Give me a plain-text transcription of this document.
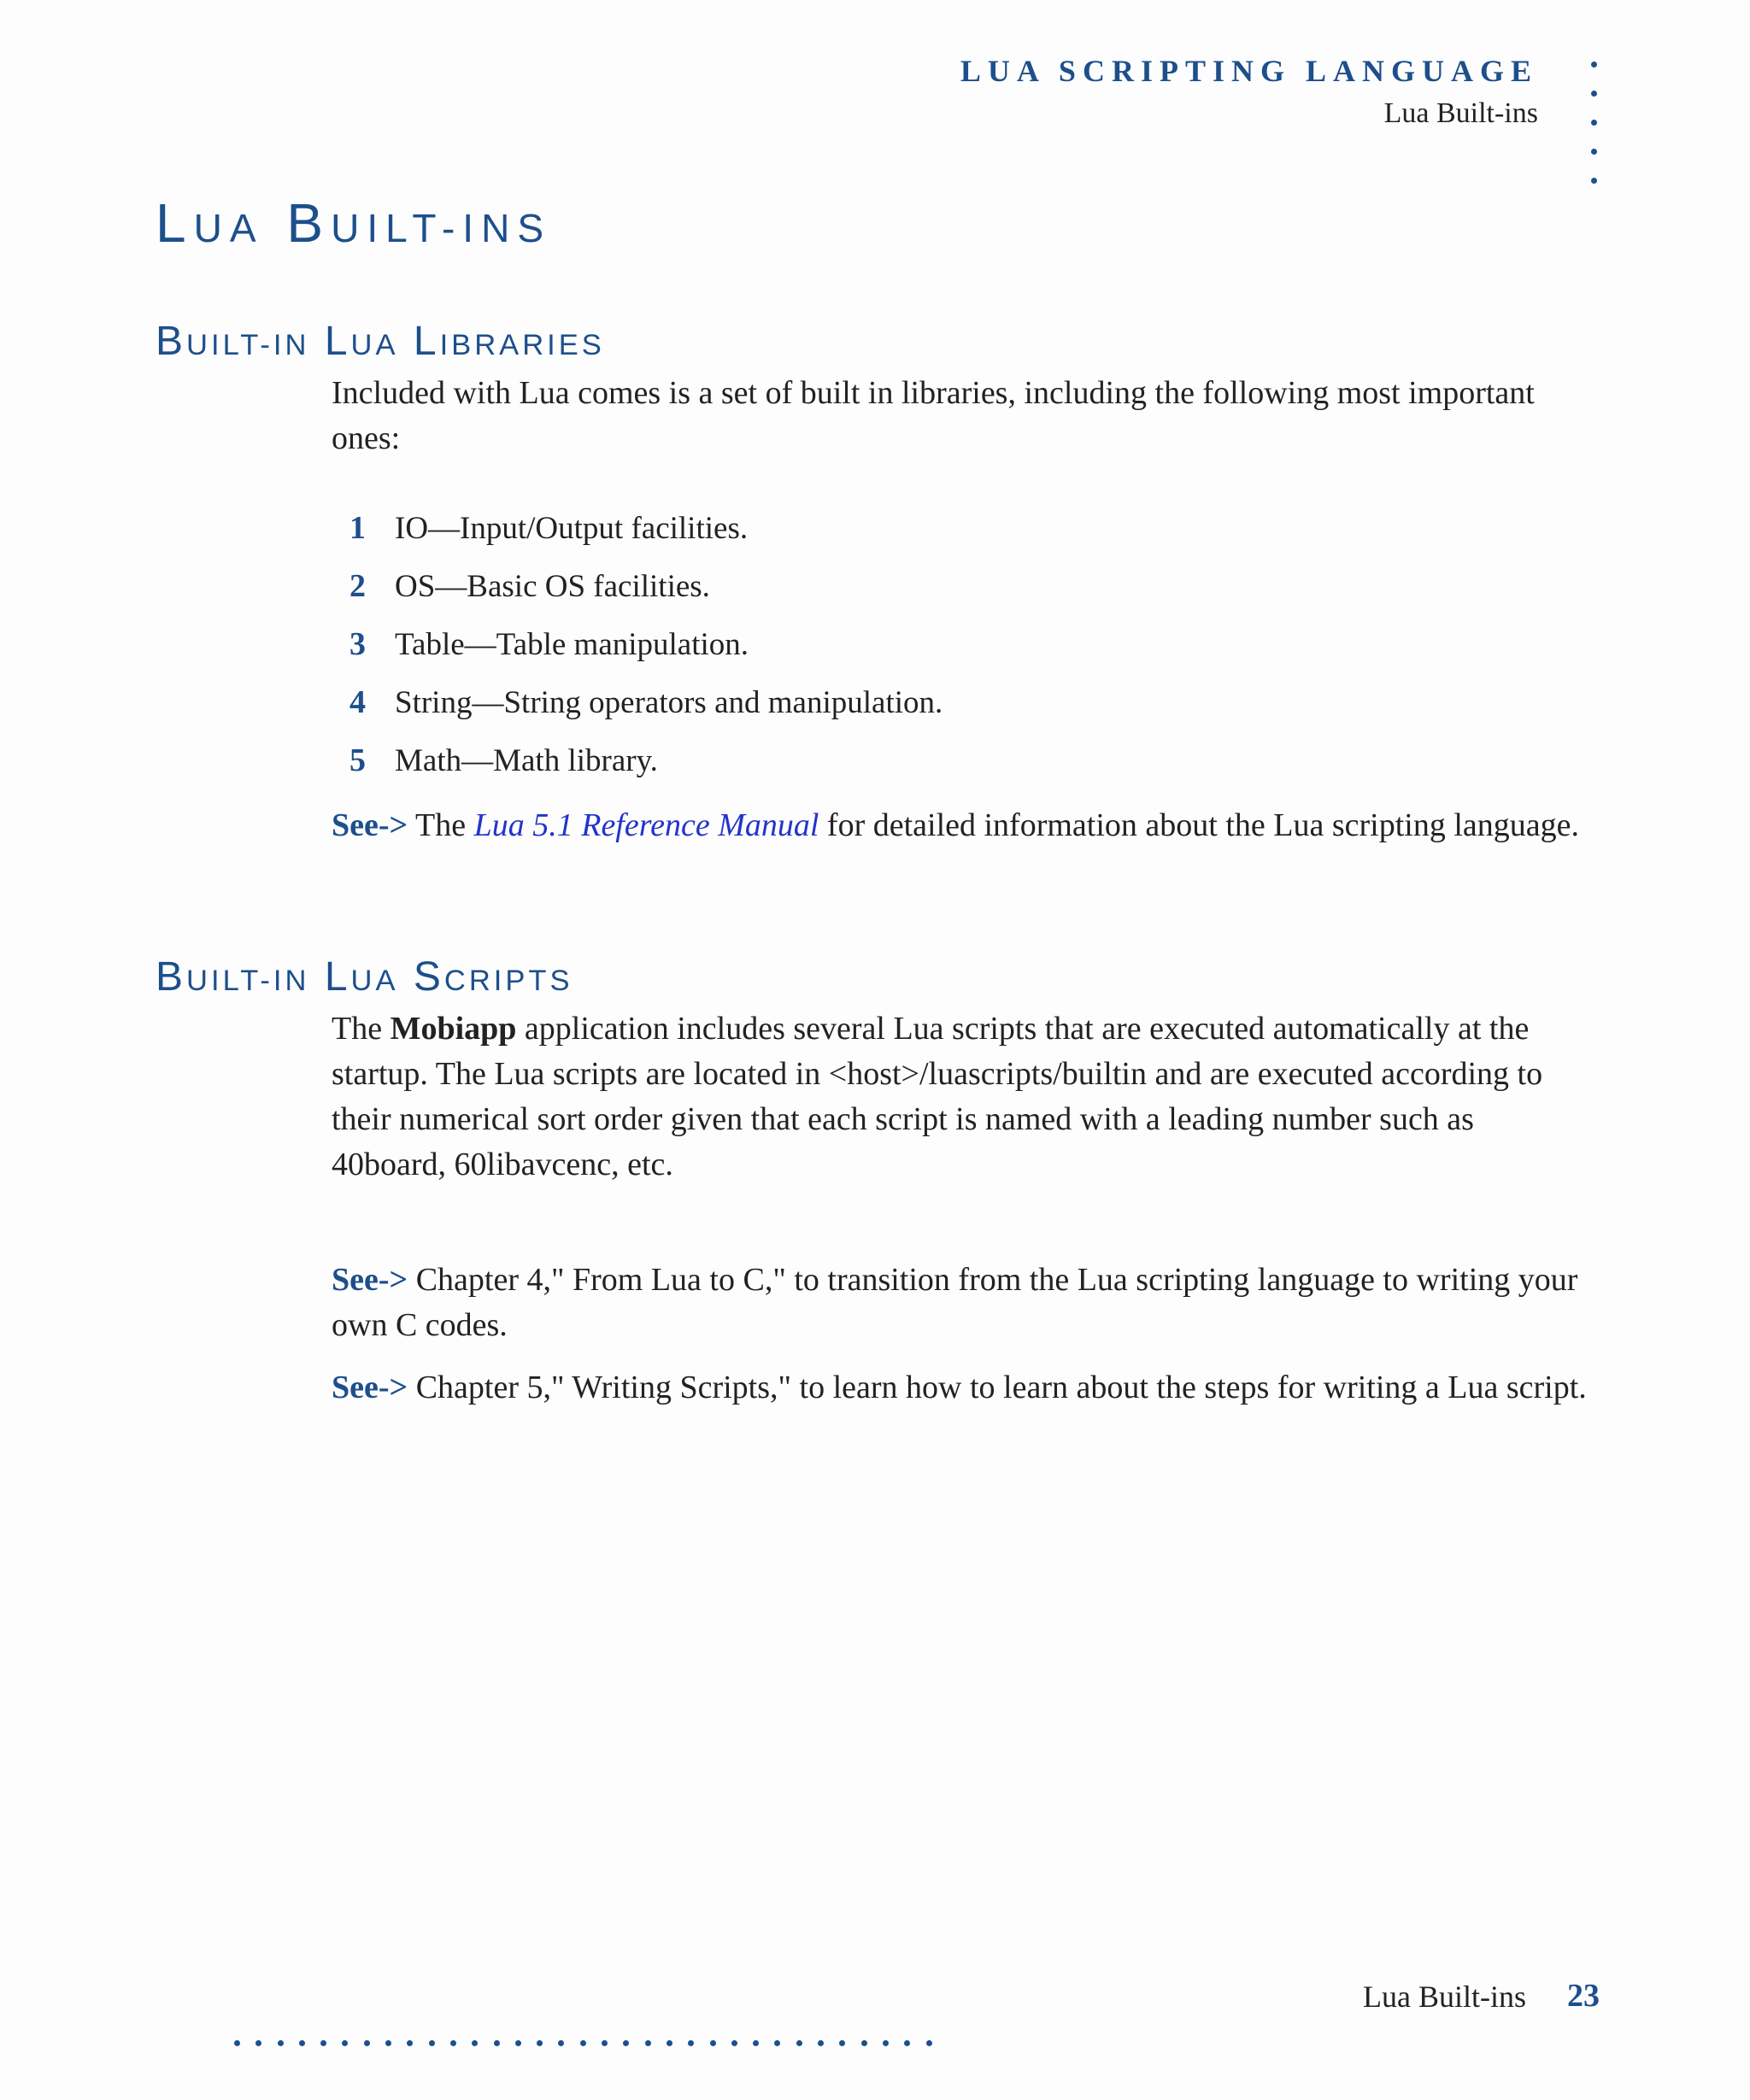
LUA SCRIPTING LANGUAGE
Lua Built-ins
LUA BUILT-INS
BUILT-IN LUA LIBRARIES
Included with Lua comes is a set of built in libraries, including the following most important ones:
1 IO—Input/Output facilities.
2 OS—Basic OS facilities.
3 Table—Table manipulation.
4 String—String operators and manipulation.
5 Math—Math library.
See-> The Lua 5.1 Reference Manual for detailed information about the Lua scripting language.
BUILT-IN LUA SCRIPTS
The Mobiapp application includes several Lua scripts that are executed automatically at the startup. The Lua scripts are located in <host>/luascripts/builtin and are executed according to their numerical sort order given that each script is named with a leading number such as 40board, 60libavcenc, etc.
See-> Chapter 4," From Lua to C," to transition from the Lua scripting language to writing your own C codes.
See-> Chapter 5," Writing Scripts," to learn how to learn about the steps for writing a Lua script.
Lua Built-ins 23
